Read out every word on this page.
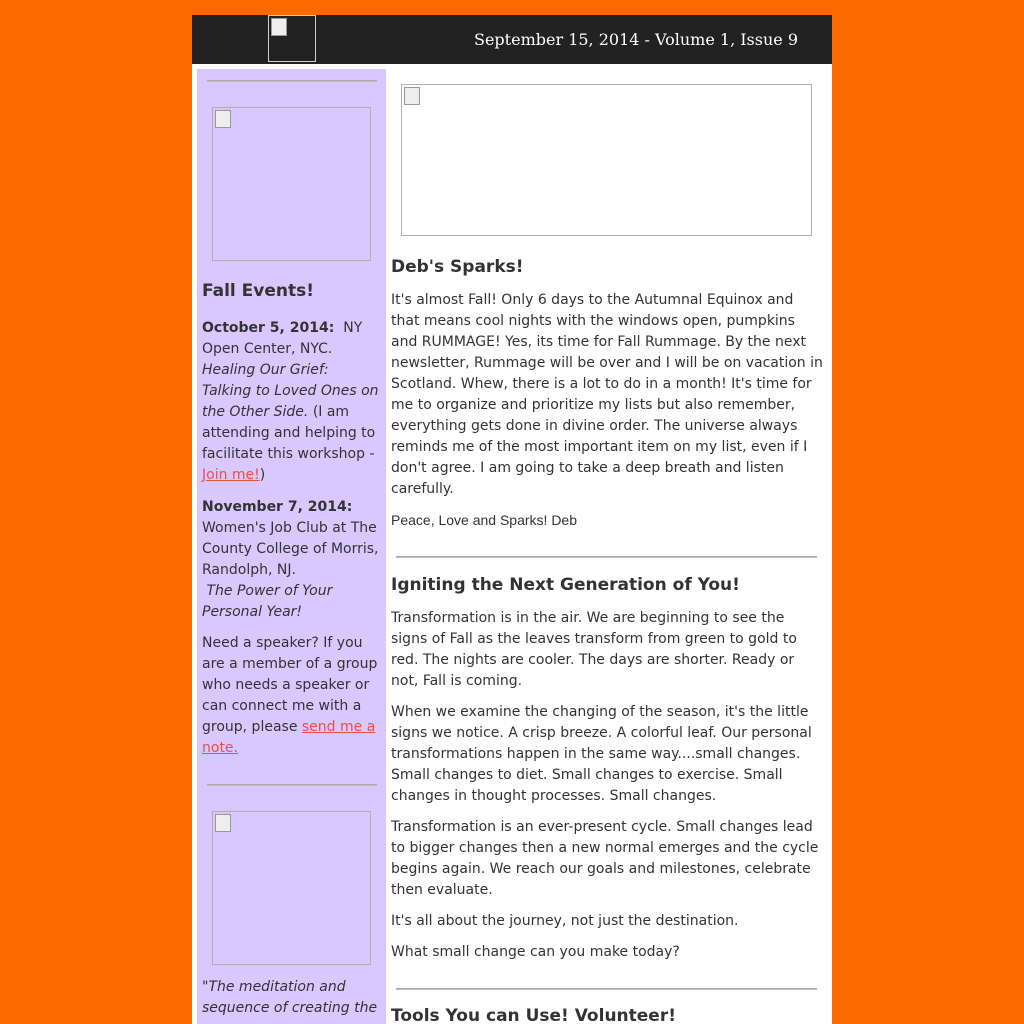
September 15, 2014 - Volume 1, Issue 9
Fall Events!

October 5, 2014: NY Open Center, NYC. Healing Our Grief: Talking to Loved Ones on the Other Side. (I am attending and helping to facilitate this workshop - Join me!)

November 7, 2014:
Women's Job Club at The County College of Morris, Randolph, NJ.
The Power of Your Personal Year!

Need a speaker? If you are a member of a group who needs a speaker or can connect me with a group, please send me a note.

"The meditation and sequence of creating the

Deb's Sparks!

It's almost Fall! Only 6 days to the Autumnal Equinox and that means cool nights with the windows open, pumpkins and RUMMAGE! Yes, its time for Fall Rummage. By the next newsletter, Rummage will be over and I will be on vacation in Scotland. Whew, there is a lot to do in a month! It's time for me to organize and prioritize my lists but also remember, everything gets done in divine order. The universe always reminds me of the most important item on my list, even if I don't agree. I am going to take a deep breath and listen carefully.

Peace, Love and Sparks! Deb

Igniting the Next Generation of You!

Transformation is in the air. We are beginning to see the signs of Fall as the leaves transform from green to gold to red. The nights are cooler. The days are shorter. Ready or not, Fall is coming.

When we examine the changing of the season, it's the little signs we notice. A crisp breeze. A colorful leaf. Our personal transformations happen in the same way....small changes. Small changes to diet. Small changes to exercise. Small changes in thought processes. Small changes.

Transformation is an ever-present cycle. Small changes lead to bigger changes then a new normal emerges and the cycle begins again. We reach our goals and milestones, celebrate then evaluate.

It's all about the journey, not just the destination.

What small change can you make today?

Tools You can Use! Volunteer!
